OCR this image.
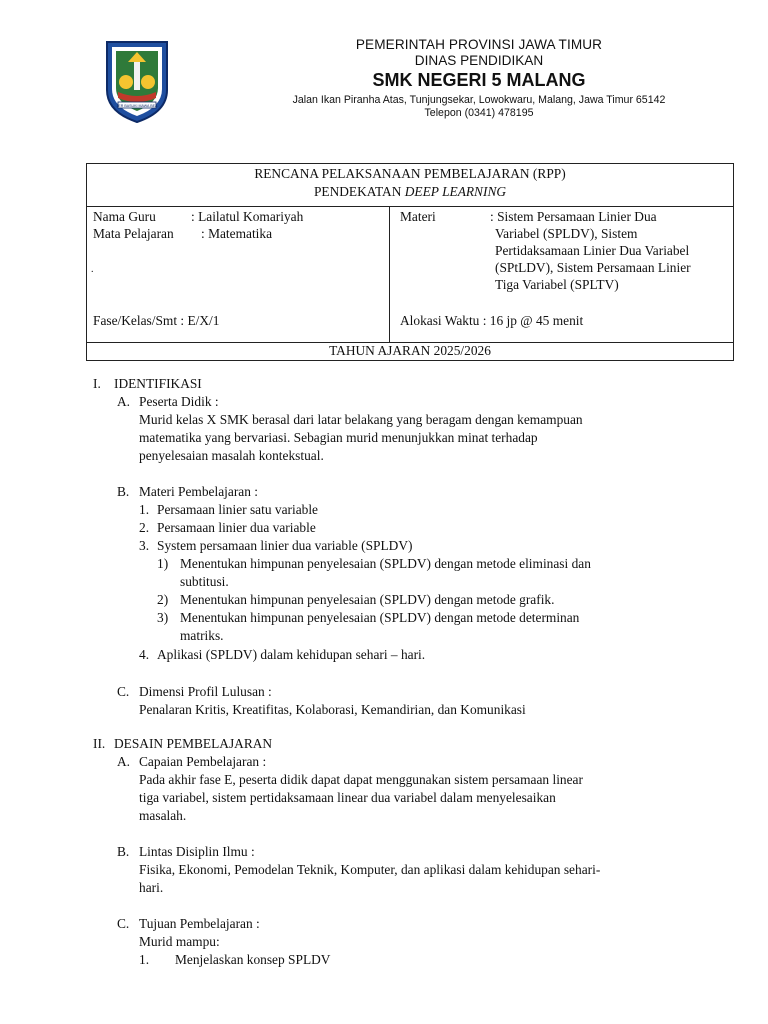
JER BASUKI MAWA BEA
PEMERINTAH PROVINSI JAWA TIMUR
DINAS PENDIDIKAN
SMK NEGERI 5 MALANG
Jalan Ikan Piranha Atas, Tunjungsekar, Lowokwaru, Malang, Jawa Timur 65142
Telepon (0341) 478195
RENCANA PELAKSANAAN PEMBELAJARAN (RPP)
PENDEKATAN DEEP LEARNING
Nama Guru	: Lailatul Komariyah
Mata Pelajaran : Matematika
.
Fase/Kelas/Smt : E/X/1
Materi	: Sistem Persamaan Linier Dua
Variabel (SPLDV), Sistem
Pertidaksamaan Linier Dua Variabel
(SPtLDV), Sistem Persamaan Linier
Tiga Variabel (SPLTV)
Alokasi Waktu : 16 jp @ 45 menit
TAHUN AJARAN 2025/2026
I. IDENTIFIKASI
A. Peserta Didik :
Murid kelas X SMK berasal dari latar belakang yang beragam dengan kemampuan
matematika yang bervariasi. Sebagian murid menunjukkan minat terhadap
penyelesaian masalah kontekstual.
B. Materi Pembelajaran :
1. Persamaan linier satu variable
2. Persamaan linier dua variable
3. System persamaan linier dua variable (SPLDV)
1) Menentukan himpunan penyelesaian (SPLDV) dengan metode eliminasi dan
subtitusi.
2) Menentukan himpunan penyelesaian (SPLDV) dengan metode grafik.
3) Menentukan himpunan penyelesaian (SPLDV) dengan metode determinan
matriks.
4. Aplikasi (SPLDV) dalam kehidupan sehari – hari.
C. Dimensi Profil Lulusan :
Penalaran Kritis, Kreatifitas, Kolaborasi, Kemandirian, dan Komunikasi
II. DESAIN PEMBELAJARAN
A. Capaian Pembelajaran :
Pada akhir fase E, peserta didik dapat dapat menggunakan sistem persamaan linear
tiga variabel, sistem pertidaksamaan linear dua variabel dalam menyelesaikan
masalah.
B. Lintas Disiplin Ilmu :
Fisika, Ekonomi, Pemodelan Teknik, Komputer, dan aplikasi dalam kehidupan sehari-
hari.
C. Tujuan Pembelajaran :
Murid mampu:
1. Menjelaskan konsep SPLDV
